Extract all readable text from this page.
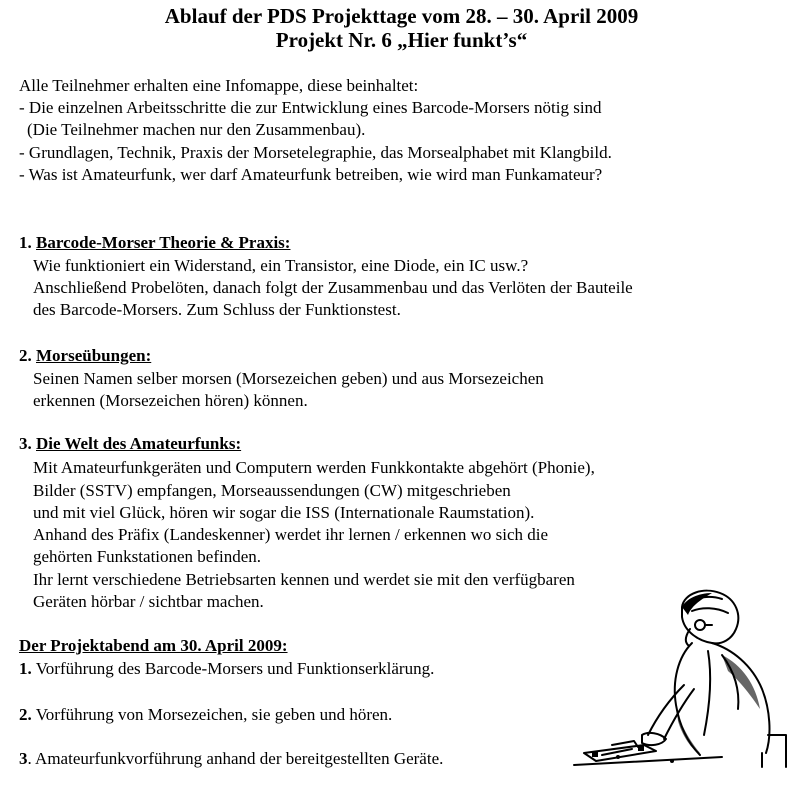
Ablauf der PDS Projekttage vom 28. – 30. April 2009
Projekt Nr. 6 „Hier funkt’s“
Alle Teilnehmer erhalten eine Infomappe, diese beinhaltet:
- Die einzelnen Arbeitsschritte die zur Entwicklung eines Barcode-Morsers nötig sind
(Die Teilnehmer machen nur den Zusammenbau).
- Grundlagen, Technik, Praxis der Morsetelegraphie, das Morsealphabet mit Klangbild.
- Was ist Amateurfunk, wer darf Amateurfunk betreiben, wie wird man Funkamateur?
1. Barcode-Morser Theorie & Praxis:
Wie funktioniert ein Widerstand, ein Transistor, eine Diode, ein IC usw.?
Anschließend Probelöten, danach folgt der Zusammenbau und das Verlöten der Bauteile
des Barcode-Morsers. Zum Schluss der Funktionstest.
2. Morseübungen:
Seinen Namen selber morsen (Morsezeichen geben) und aus Morsezeichen
erkennen (Morsezeichen hören) können.
3. Die Welt des Amateurfunks:
Mit Amateurfunkgeräten und Computern werden Funkkontakte abgehört (Phonie),
Bilder (SSTV) empfangen, Morseaussendungen (CW) mitgeschrieben
und mit viel Glück, hören wir sogar die ISS (Internationale Raumstation).
Anhand des Präfix (Landeskenner) werdet ihr lernen / erkennen wo sich die
gehörten Funkstationen befinden.
Ihr lernt verschiedene Betriebsarten kennen und werdet sie mit den verfügbaren
Geräten hörbar / sichtbar machen.
Der Projektabend am 30. April 2009:
1. Vorführung des Barcode-Morsers und Funktionserklärung.
2. Vorführung von Morsezeichen, sie geben und hören.
3. Amateurfunkvorführung anhand der bereitgestellten Geräte.
